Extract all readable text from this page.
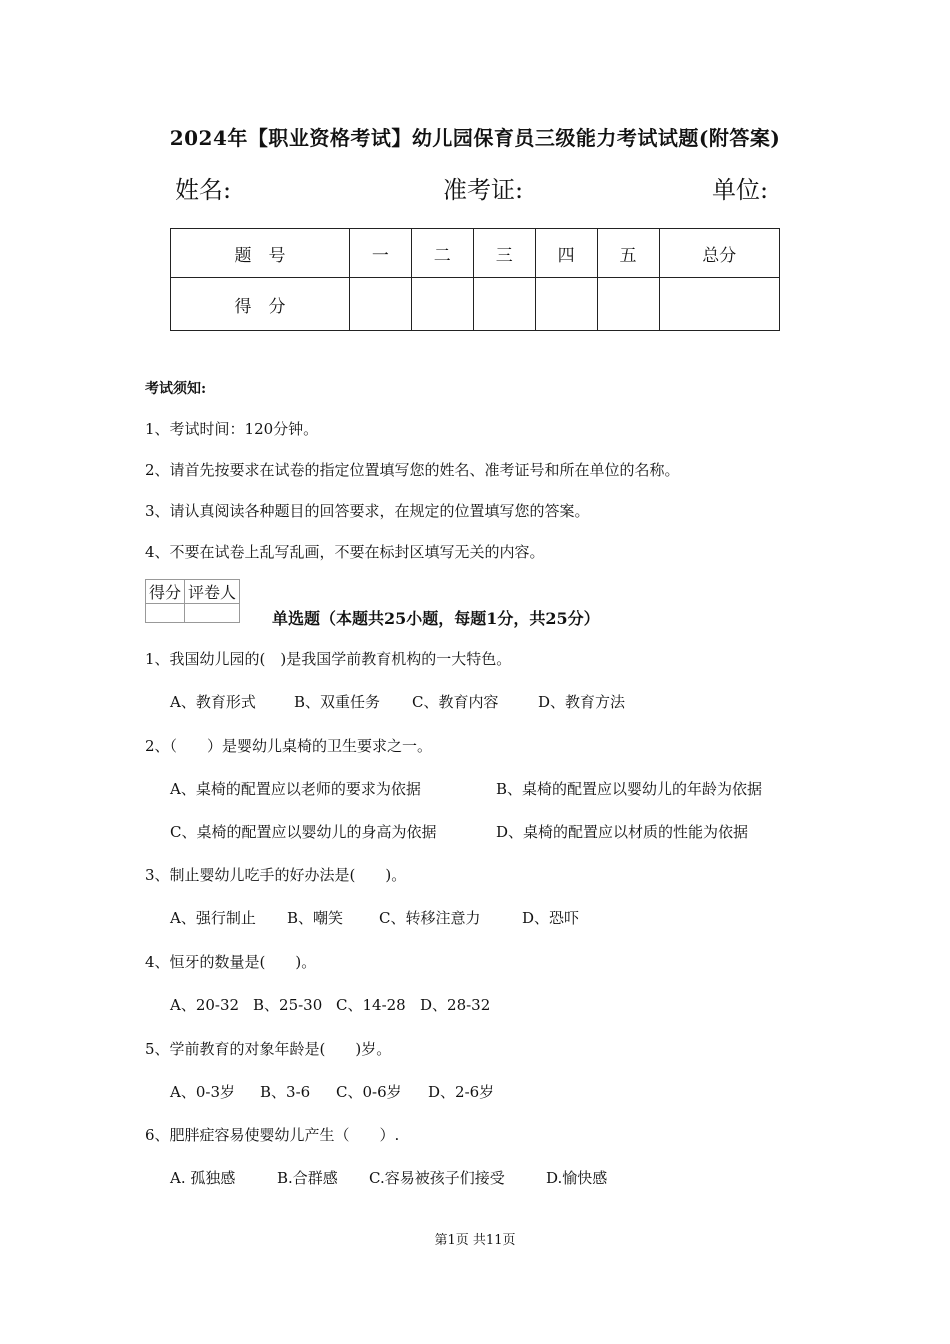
2024年【职业资格考试】幼儿园保育员三级能力考试试题(附答案)
姓名:	准考证:	单位:
题　号	一	二	三	四	五	总分
得　分						
考试须知:
1、考试时间：120分钟。
2、请首先按要求在试卷的指定位置填写您的姓名、准考证号和所在单位的名称。
3、请认真阅读各种题目的回答要求，在规定的位置填写您的答案。
4、不要在试卷上乱写乱画，不要在标封区填写无关的内容。
得分	评卷人

单选题（本题共25小题，每题1分，共25分）
1、我国幼儿园的(　)是我国学前教育机构的一大特色。
A、教育形式	B、双重任务 C、教育内容	D、教育方法
2、（　　）是婴幼儿桌椅的卫生要求之一。
A、桌椅的配置应以老师的要求为依据	B、桌椅的配置应以婴幼儿的年龄为依据
C、桌椅的配置应以婴幼儿的身高为依据	D、桌椅的配置应以材质的性能为依据
3、制止婴幼儿吃手的好办法是(　　)。
A、强行制止 B、嘲笑 C、转移注意力	D、恐吓
4、恒牙的数量是(　　)。
A、20-32 B、25-30 C、14-28 D、28-32
5、学前教育的对象年龄是(　　)岁。
A、0-3岁 B、3-6 C、0-6岁 D、2-6岁
6、肥胖症容易使婴幼儿产生（　　）.
A. 孤独感	B.合群感 C.容易被孩子们接受	D.愉快感
第1页 共11页
